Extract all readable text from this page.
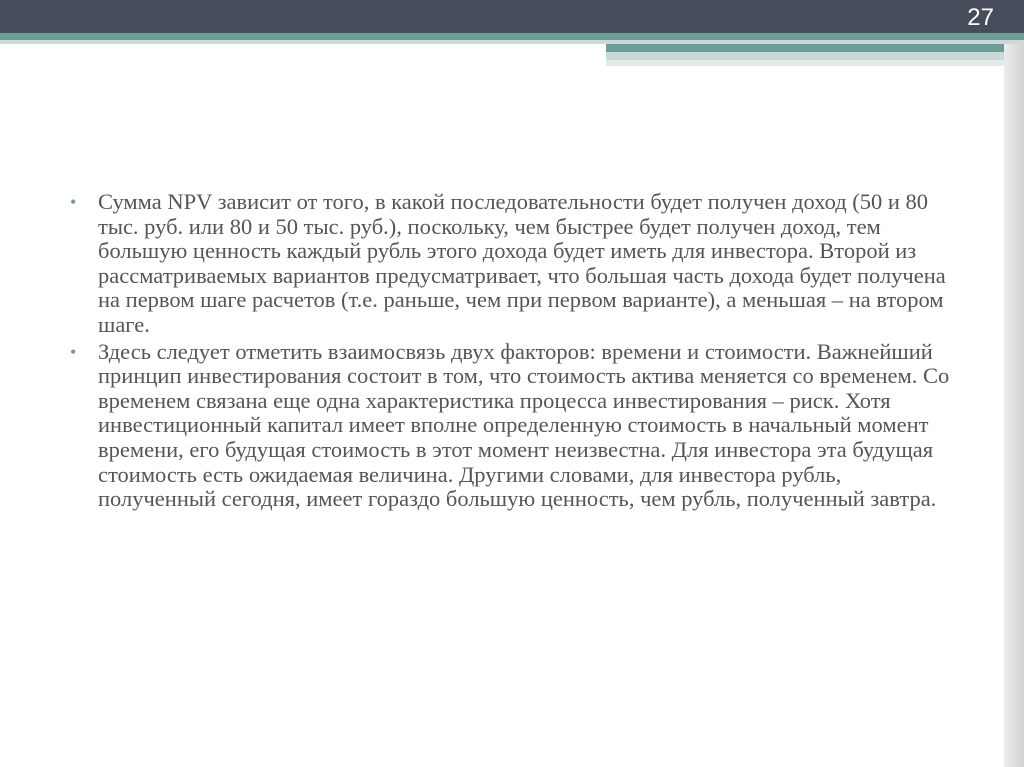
27
• Сумма NPV зависит от того, в какой последовательности будет получен доход (50 и 80 тыс. руб. или 80 и 50 тыс. руб.), поскольку, чем быстрее будет получен доход, тем большую ценность каждый рубль этого дохода будет иметь для инвестора. Второй из рассматриваемых вариантов предусматривает, что большая часть дохода будет получена на первом шаге расчетов (т.е. раньше, чем при первом варианте), а меньшая – на втором шаге.
• Здесь следует отметить взаимосвязь двух факторов: времени и стоимости. Важнейший принцип инвестирования состоит в том, что стоимость актива меняется со временем. Со временем связана еще одна характеристика процесса инвестирования – риск. Хотя инвестиционный капитал имеет вполне определенную стоимость в начальный момент времени, его будущая стоимость в этот момент неизвестна. Для инвестора эта будущая стоимость есть ожидаемая величина. Другими словами, для инвестора рубль, полученный сегодня, имеет гораздо большую ценность, чем рубль, полученный завтра.
